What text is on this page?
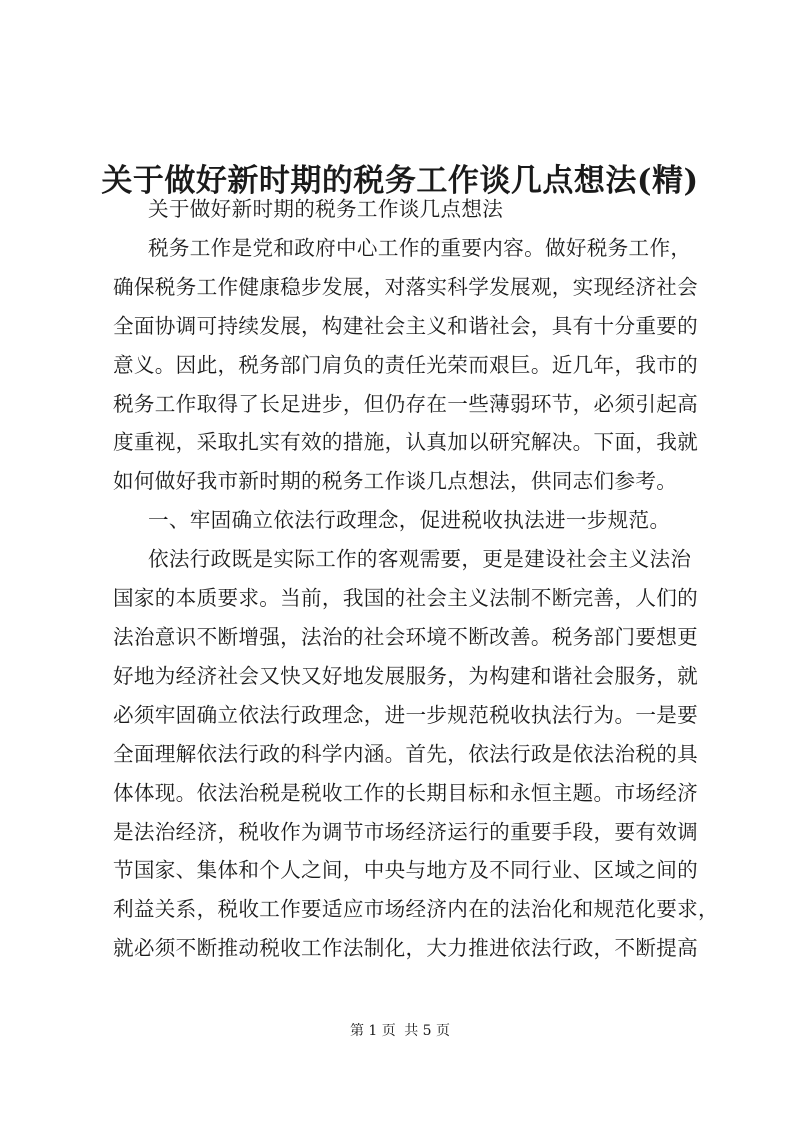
关于做好新时期的税务工作谈几点想法(精)

关于做好新时期的税务工作谈几点想法

税务工作是党和政府中心工作的重要内容。做好税务工作，
确保税务工作健康稳步发展，对落实科学发展观，实现经济社会
全面协调可持续发展，构建社会主义和谐社会，具有十分重要的
意义。因此，税务部门肩负的责任光荣而艰巨。近几年，我市的
税务工作取得了长足进步，但仍存在一些薄弱环节，必须引起高
度重视，采取扎实有效的措施，认真加以研究解决。下面，我就
如何做好我市新时期的税务工作谈几点想法，供同志们参考。

一、牢固确立依法行政理念，促进税收执法进一步规范。

依法行政既是实际工作的客观需要，更是建设社会主义法治
国家的本质要求。当前，我国的社会主义法制不断完善，人们的
法治意识不断增强，法治的社会环境不断改善。税务部门要想更
好地为经济社会又快又好地发展服务，为构建和谐社会服务，就
必须牢固确立依法行政理念，进一步规范税收执法行为。一是要
全面理解依法行政的科学内涵。首先，依法行政是依法治税的具
体体现。依法治税是税收工作的长期目标和永恒主题。市场经济
是法治经济，税收作为调节市场经济运行的重要手段，要有效调
节国家、集体和个人之间，中央与地方及不同行业、区域之间的
利益关系，税收工作要适应市场经济内在的法治化和规范化要求，
就必须不断推动税收工作法制化，大力推进依法行政，不断提高

第 1 页 共 5 页
